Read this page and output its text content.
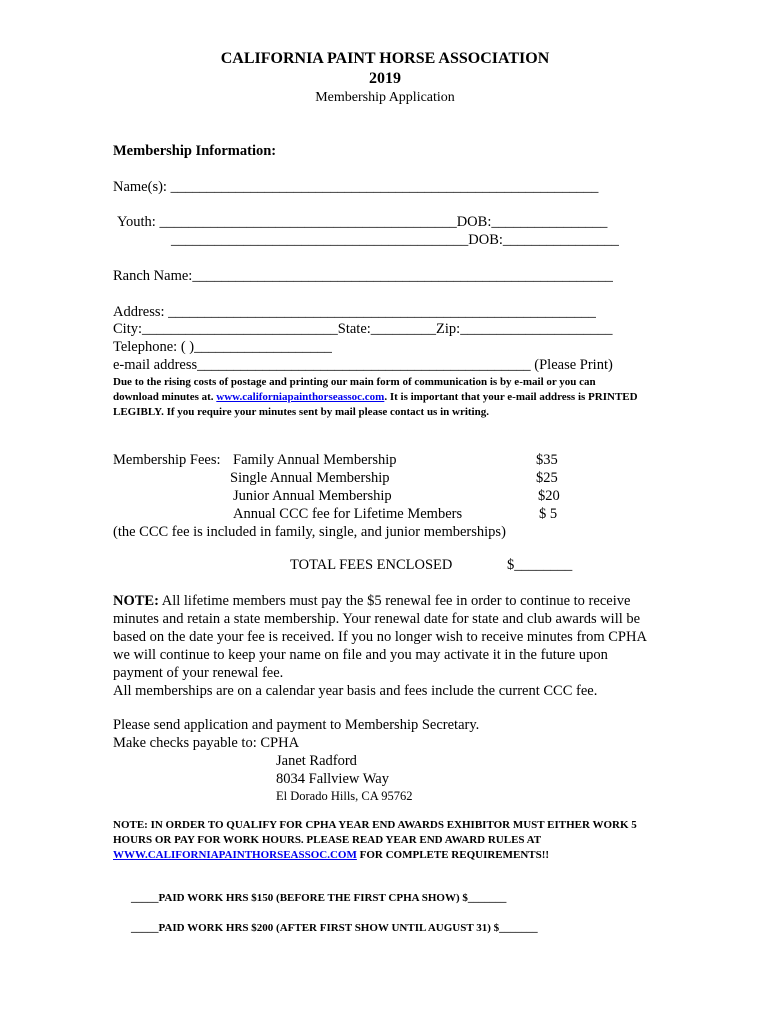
CALIFORNIA PAINT HORSE ASSOCIATION
2019
Membership Application
Membership Information:
Name(s): ___________________________________________________________
Youth: _________________________________________DOB:________________
_________________________________________DOB:________________
Ranch Name:__________________________________________________________
Address: ___________________________________________________________
City:___________________________State:_________Zip:_____________________
Telephone: ( )___________________
e-mail address______________________________________________ (Please Print)
Due to the rising costs of postage and printing our main form of communication is by e-mail or you can download minutes at. www.californiapainthorseassoc.com. It is important that your e-mail address is PRINTED LEGIBLY. If you require your minutes sent by mail please contact us in writing.
Membership Fees: Family Annual Membership	$35
Single Annual Membership	$25
Junior Annual Membership	$20
Annual CCC fee for Lifetime Members	$ 5
(the CCC fee is included in family, single, and junior memberships)
TOTAL FEES ENCLOSED	$________
NOTE: All lifetime members must pay the $5 renewal fee in order to continue to receive minutes and retain a state membership. Your renewal date for state and club awards will be based on the date your fee is received. If you no longer wish to receive minutes from CPHA we will continue to keep your name on file and you may activate it in the future upon payment of your renewal fee.
All memberships are on a calendar year basis and fees include the current CCC fee.
Please send application and payment to Membership Secretary.
Make checks payable to: CPHA
Janet Radford
8034 Fallview Way
El Dorado Hills, CA 95762
NOTE: IN ORDER TO QUALIFY FOR CPHA YEAR END AWARDS EXHIBITOR MUST EITHER WORK 5 HOURS OR PAY FOR WORK HOURS. PLEASE READ YEAR END AWARD RULES AT WWW.CALIFORNIAPAINTHORSEASSOC.COM FOR COMPLETE REQUIREMENTS!!
_____PAID WORK HRS $150 (BEFORE THE FIRST CPHA SHOW) $_______
_____PAID WORK HRS $200 (AFTER FIRST SHOW UNTIL AUGUST 31) $_______
